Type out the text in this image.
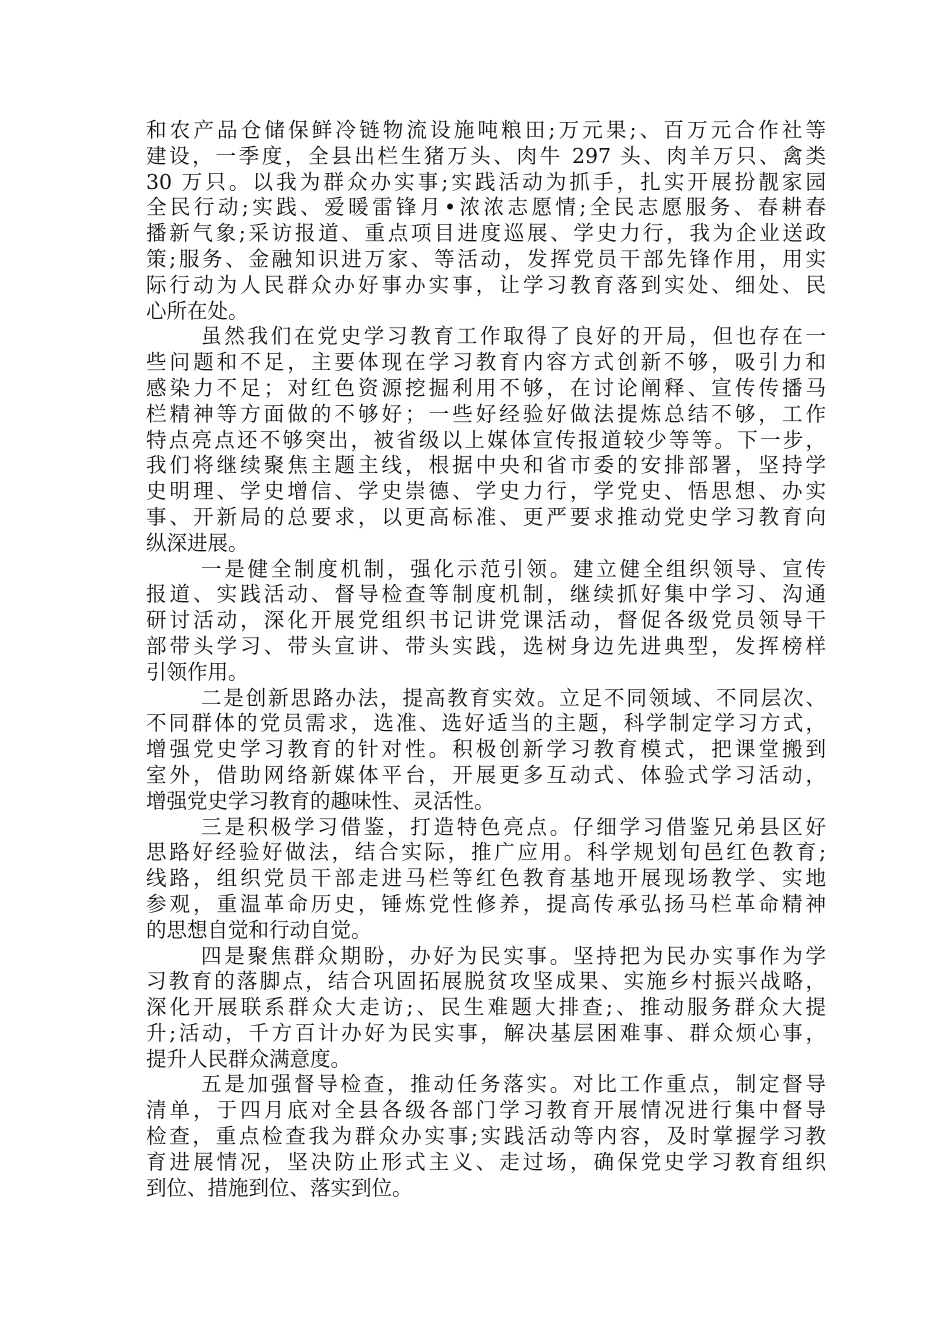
和农产品仓储保鲜冷链物流设施吨粮田;万元果;、百万元合作社等
建设，一季度，全县出栏生猪万头、肉牛 297 头、肉羊万只、禽类
30 万只。以我为群众办实事;实践活动为抓手，扎实开展扮靓家园
全民行动;实践、爱暖雷锋月•浓浓志愿情;全民志愿服务、春耕春
播新气象;采访报道、重点项目进度巡展、学史力行，我为企业送政
策;服务、金融知识进万家、等活动，发挥党员干部先锋作用，用实
际行动为人民群众办好事办实事，让学习教育落到实处、细处、民
心所在处。
虽然我们在党史学习教育工作取得了良好的开局，但也存在一
些问题和不足，主要体现在学习教育内容方式创新不够，吸引力和
感染力不足；对红色资源挖掘利用不够，在讨论阐释、宣传传播马
栏精神等方面做的不够好；一些好经验好做法提炼总结不够，工作
特点亮点还不够突出，被省级以上媒体宣传报道较少等等。下一步，
我们将继续聚焦主题主线，根据中央和省市委的安排部署，坚持学
史明理、学史增信、学史崇德、学史力行，学党史、悟思想、办实
事、开新局的总要求，以更高标准、更严要求推动党史学习教育向
纵深进展。
一是健全制度机制，强化示范引领。建立健全组织领导、宣传
报道、实践活动、督导检查等制度机制，继续抓好集中学习、沟通
研讨活动，深化开展党组织书记讲党课活动，督促各级党员领导干
部带头学习、带头宣讲、带头实践，选树身边先进典型，发挥榜样
引领作用。
二是创新思路办法，提高教育实效。立足不同领域、不同层次、
不同群体的党员需求，选准、选好适当的主题，科学制定学习方式，
增强党史学习教育的针对性。积极创新学习教育模式，把课堂搬到
室外，借助网络新媒体平台，开展更多互动式、体验式学习活动，
增强党史学习教育的趣味性、灵活性。
三是积极学习借鉴，打造特色亮点。仔细学习借鉴兄弟县区好
思路好经验好做法，结合实际，推广应用。科学规划旬邑红色教育;
线路，组织党员干部走进马栏等红色教育基地开展现场教学、实地
参观，重温革命历史，锤炼党性修养，提高传承弘扬马栏革命精神
的思想自觉和行动自觉。
四是聚焦群众期盼，办好为民实事。坚持把为民办实事作为学
习教育的落脚点，结合巩固拓展脱贫攻坚成果、实施乡村振兴战略，
深化开展联系群众大走访;、民生难题大排查;、推动服务群众大提
升;活动，千方百计办好为民实事，解决基层困难事、群众烦心事，
提升人民群众满意度。
五是加强督导检查，推动任务落实。对比工作重点，制定督导
清单，于四月底对全县各级各部门学习教育开展情况进行集中督导
检查，重点检查我为群众办实事;实践活动等内容，及时掌握学习教
育进展情况，坚决防止形式主义、走过场，确保党史学习教育组织
到位、措施到位、落实到位。
